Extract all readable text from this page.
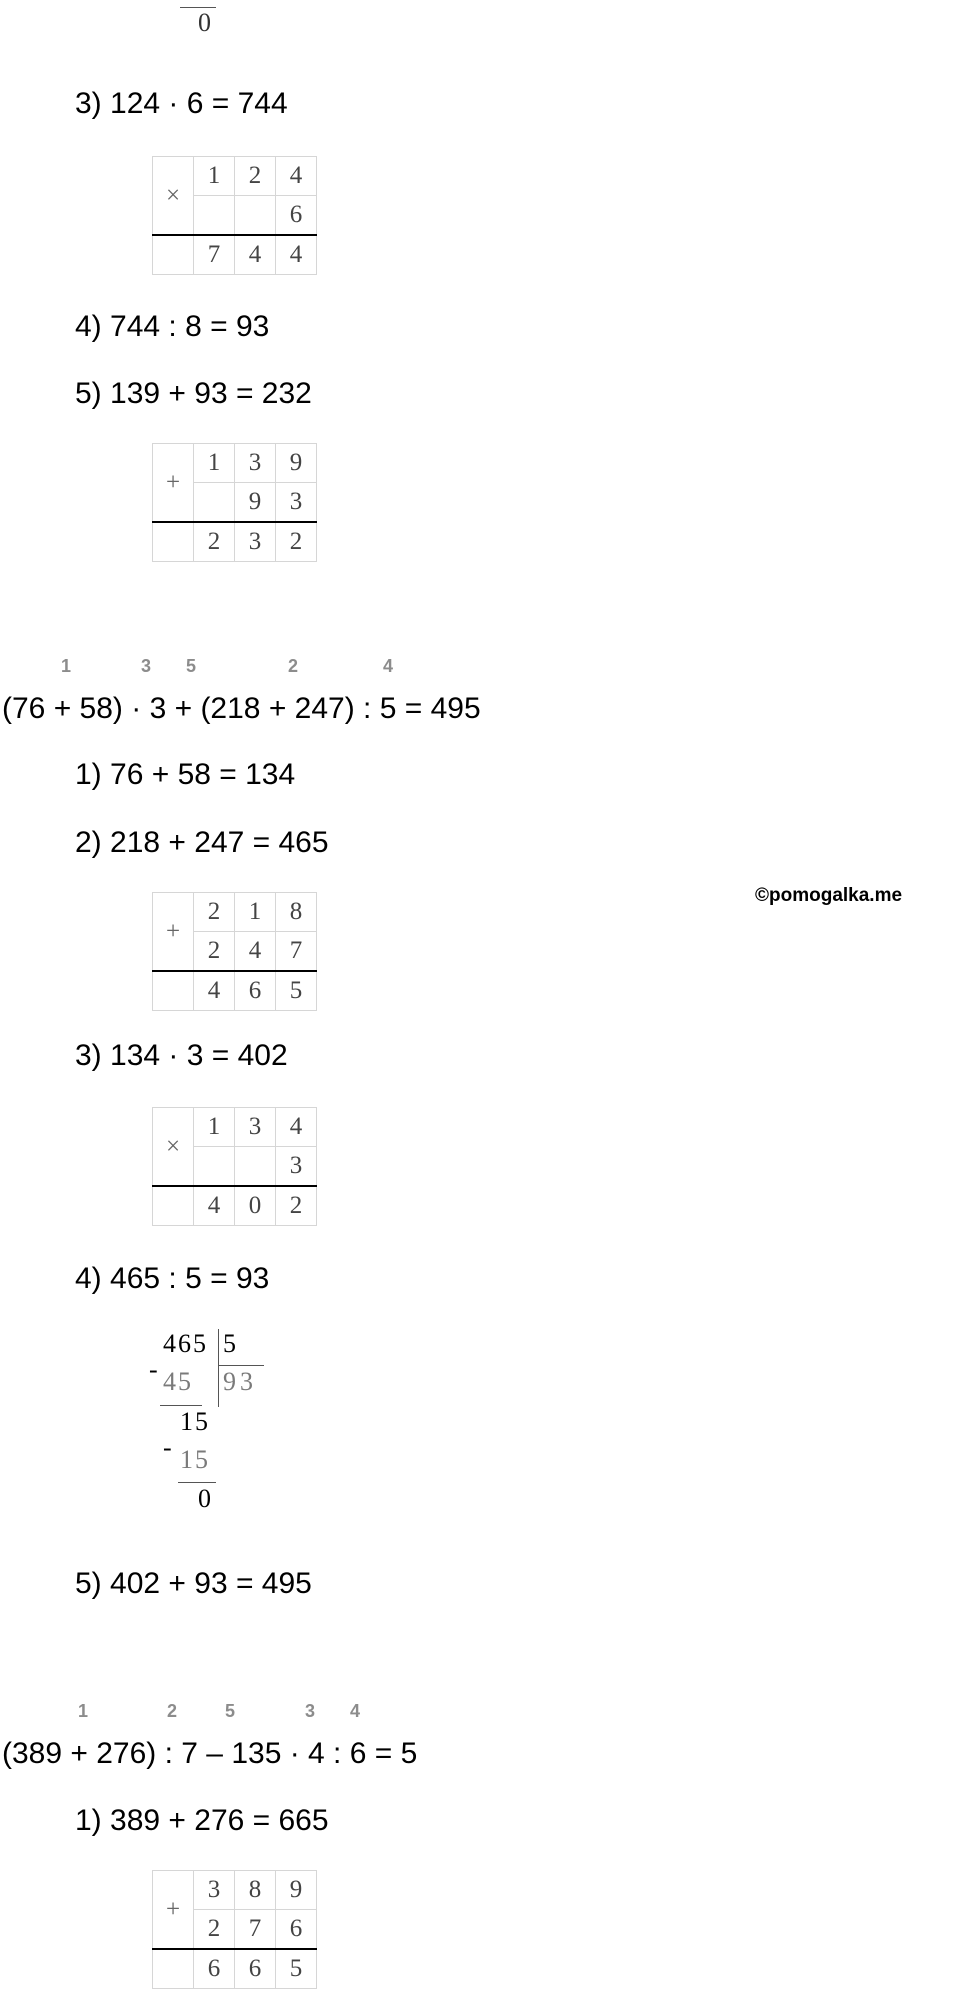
0
3) 124 · 6 = 744
×	1	2	4
			6
	7	4	4
4) 744 : 8 = 93
5) 139 + 93 = 232
+	1	3	9
		9	3
	2	3	2
1	3 5	2	4
(76 + 58) · 3 + (218 + 247) : 5 = 495
1) 76 + 58 = 134
2) 218 + 247 = 465
©pomogalka.me
+	2	1	8
	2	4	7
	4	6	5
3) 134 · 3 = 402
×	1	3	4
			3
	4	0	2
4) 465 : 5 = 93
465 5
- 45 93
15
- 15
0
5) 402 + 93 = 495
1	2	5	3 4
(389 + 276) : 7 – 135 · 4 : 6 = 5
1) 389 + 276 = 665
+	3	8	9
	2	7	6
	6	6	5
